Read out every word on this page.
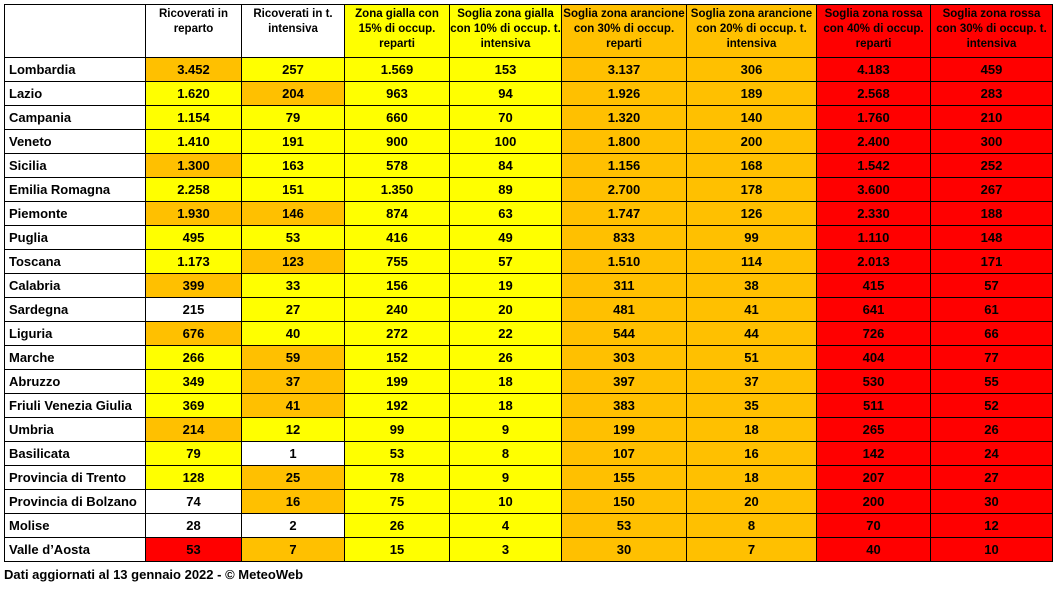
	Ricoverati in reparto	Ricoverati in t. intensiva	Zona gialla con 15% di occup. reparti	Soglia zona gialla con 10% di occup. t. intensiva	Soglia zona arancione con 30% di occup. reparti	Soglia zona arancione con 20% di occup. t. intensiva	Soglia zona rossa con 40% di occup. reparti	Soglia zona rossa con 30% di occup. t. intensiva
Lombardia	3.452	257	1.569	153	3.137	306	4.183	459
Lazio	1.620	204	963	94	1.926	189	2.568	283
Campania	1.154	79	660	70	1.320	140	1.760	210
Veneto	1.410	191	900	100	1.800	200	2.400	300
Sicilia	1.300	163	578	84	1.156	168	1.542	252
Emilia Romagna	2.258	151	1.350	89	2.700	178	3.600	267
Piemonte	1.930	146	874	63	1.747	126	2.330	188
Puglia	495	53	416	49	833	99	1.110	148
Toscana	1.173	123	755	57	1.510	114	2.013	171
Calabria	399	33	156	19	311	38	415	57
Sardegna	215	27	240	20	481	41	641	61
Liguria	676	40	272	22	544	44	726	66
Marche	266	59	152	26	303	51	404	77
Abruzzo	349	37	199	18	397	37	530	55
Friuli Venezia Giulia	369	41	192	18	383	35	511	52
Umbria	214	12	99	9	199	18	265	26
Basilicata	79	1	53	8	107	16	142	24
Provincia di Trento	128	25	78	9	155	18	207	27
Provincia di Bolzano	74	16	75	10	150	20	200	30
Molise	28	2	26	4	53	8	70	12
Valle d’Aosta	53	7	15	3	30	7	40	10
Dati aggiornati al 13 gennaio 2022 - © MeteoWeb
